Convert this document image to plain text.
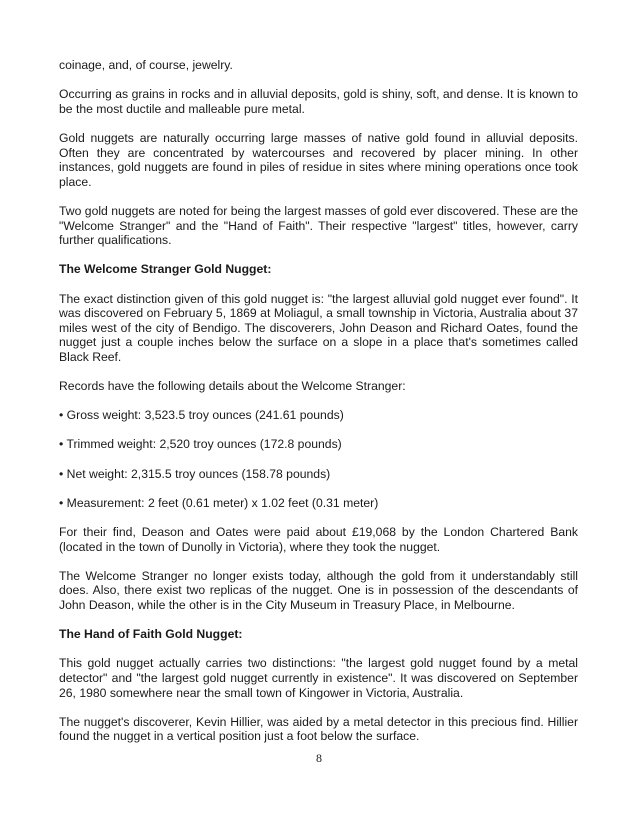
coinage, and, of course, jewelry.

Occurring as grains in rocks and in alluvial deposits, gold is shiny, soft, and dense. It is known to be the most ductile and malleable pure metal.

Gold nuggets are naturally occurring large masses of native gold found in alluvial deposits. Often they are concentrated by watercourses and recovered by placer mining. In other instances, gold nuggets are found in piles of residue in sites where mining operations once took place.

Two gold nuggets are noted for being the largest masses of gold ever discovered. These are the "Welcome Stranger" and the "Hand of Faith". Their respective "largest" titles, however, carry further qualifications.

The Welcome Stranger Gold Nugget:

The exact distinction given of this gold nugget is: "the largest alluvial gold nugget ever found". It was discovered on February 5, 1869 at Moliagul, a small township in Victoria, Australia about 37 miles west of the city of Bendigo. The discoverers, John Deason and Richard Oates, found the nugget just a couple inches below the surface on a slope in a place that's sometimes called Black Reef.

Records have the following details about the Welcome Stranger:

• Gross weight: 3,523.5 troy ounces (241.61 pounds)

• Trimmed weight: 2,520 troy ounces (172.8 pounds)

• Net weight: 2,315.5 troy ounces (158.78 pounds)

• Measurement: 2 feet (0.61 meter) x 1.02 feet (0.31 meter)

For their find, Deason and Oates were paid about £19,068 by the London Chartered Bank (located in the town of Dunolly in Victoria), where they took the nugget.

The Welcome Stranger no longer exists today, although the gold from it understandably still does. Also, there exist two replicas of the nugget. One is in possession of the descendants of John Deason, while the other is in the City Museum in Treasury Place, in Melbourne.

The Hand of Faith Gold Nugget:

This gold nugget actually carries two distinctions: "the largest gold nugget found by a metal detector" and "the largest gold nugget currently in existence". It was discovered on September 26, 1980 somewhere near the small town of Kingower in Victoria, Australia.

The nugget's discoverer, Kevin Hillier, was aided by a metal detector in this precious find. Hillier found the nugget in a vertical position just a foot below the surface.

8
